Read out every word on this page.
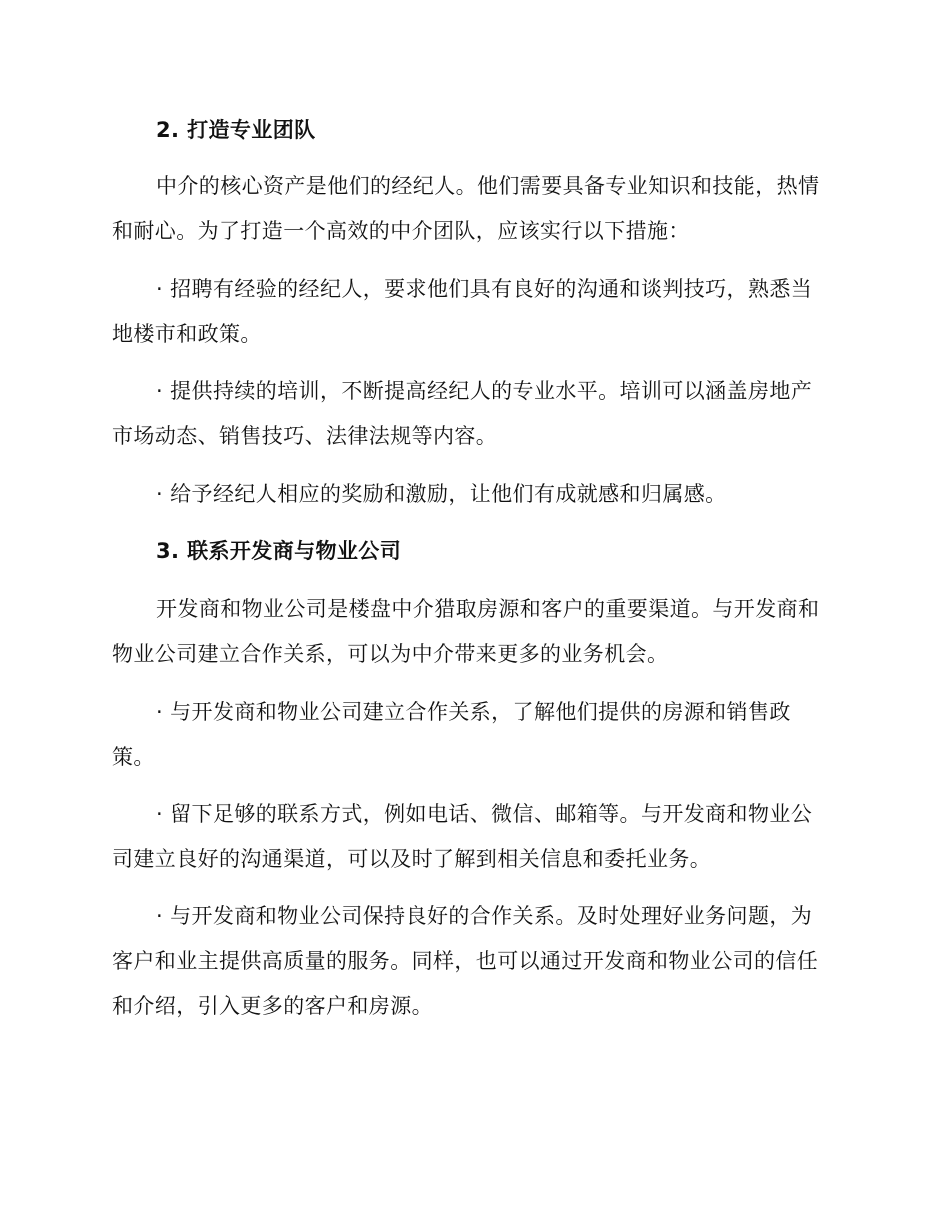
2. 打造专业团队
中介的核心资产是他们的经纪人。他们需要具备专业知识和技能，热情
和耐心。为了打造一个高效的中介团队，应该实行以下措施：
· 招聘有经验的经纪人，要求他们具有良好的沟通和谈判技巧，熟悉当
地楼市和政策。
· 提供持续的培训，不断提高经纪人的专业水平。培训可以涵盖房地产
市场动态、销售技巧、法律法规等内容。
· 给予经纪人相应的奖励和激励，让他们有成就感和归属感。
3. 联系开发商与物业公司
开发商和物业公司是楼盘中介猎取房源和客户的重要渠道。与开发商和
物业公司建立合作关系，可以为中介带来更多的业务机会。
· 与开发商和物业公司建立合作关系，了解他们提供的房源和销售政
策。
· 留下足够的联系方式，例如电话、微信、邮箱等。与开发商和物业公
司建立良好的沟通渠道，可以及时了解到相关信息和委托业务。
· 与开发商和物业公司保持良好的合作关系。及时处理好业务问题，为
客户和业主提供高质量的服务。同样，也可以通过开发商和物业公司的信任
和介绍，引入更多的客户和房源。
